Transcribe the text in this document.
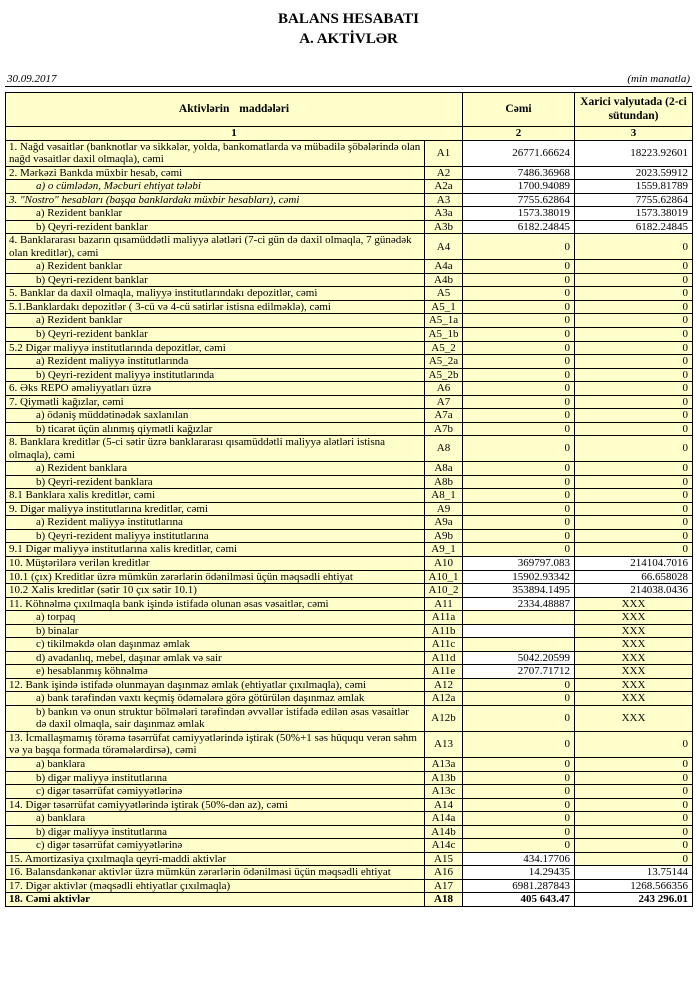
BALANS HESABATI
A. AKTİVLƏR
30.09.2017	(min manatla)
Aktivlərin maddələri		Cəmi	Xarici valyutada (2-ci sütundan)
1		2	3
1. Nağd vəsaitlər (banknotlar və sikkələr, yolda, bankomatlarda və mübadilə şöbələrində olan nağd vəsaitlər daxil olmaqla), cəmi	A1	26771.66624	18223.92601
2. Mərkəzi Bankda müxbir hesab, cəmi	A2	7486.36968	2023.59912
a) o cümlədən, Məcburi ehtiyat tələbi	A2a	1700.94089	1559.81789
3. "Nostro" hesabları (başqa banklardakı müxbir hesabları), cəmi	A3	7755.62864	7755.62864
a) Rezident banklar	A3a	1573.38019	1573.38019
b) Qeyri-rezident banklar	A3b	6182.24845	6182.24845
4. Banklararası bazarın qısamüddətli maliyyə alətləri (7-ci gün də daxil olmaqla, 7 günədək olan kreditlər), cəmi	A4	0	0
a) Rezident banklar	A4a	0	0
b) Qeyri-rezident banklar	A4b	0	0
5. Banklar da daxil olmaqla, maliyyə institutlarındakı depozitlər, cəmi	A5	0	0
5.1.Banklardakı depozitlər ( 3-cü və 4-cü sətirlər istisna edilməklə), cəmi	A5_1	0	0
a) Rezident banklar	A5_1a	0	0
b) Qeyri-rezident banklar	A5_1b	0	0
5.2 Digər maliyyə institutlarında depozitlər, cəmi	A5_2	0	0
a) Rezident maliyyə institutlarında	A5_2a	0	0
b) Qeyri-rezident maliyyə institutlarında	A5_2b	0	0
6. Əks REPO əməliyyatları üzrə	A6	0	0
7. Qiymətli kağızlar, cəmi	A7	0	0
a) ödəniş müddətinədək saxlanılan	A7a	0	0
b) ticarət üçün alınmış qiymətli kağızlar	A7b	0	0
8. Banklara kreditlər (5-ci sətir üzrə banklararası qısamüddətli maliyyə alətləri istisna olmaqla), cəmi	A8	0	0
a) Rezident banklara	A8a	0	0
b) Qeyri-rezident banklara	A8b	0	0
8.1 Banklara xalis kreditlər, cəmi	A8_1	0	0
9. Digər maliyyə institutlarına kreditlər, cəmi	A9	0	0
a) Rezident maliyyə institutlarına	A9a	0	0
b) Qeyri-rezident maliyyə institutlarına	A9b	0	0
9.1 Digər maliyyə institutlarına xalis kreditlər, cəmi	A9_1	0	0
10. Müştərilərə verilən kreditlər	A10	369797.083	214104.7016
10.1 (çıx) Kreditlər üzrə mümkün zərərlərin ödənilməsi üçün məqsədli ehtiyat	A10_1	15902.93342	66.658028
10.2 Xalis kreditlər (sətir 10 çıx sətir 10.1)	A10_2	353894.1495	214038.0436
11. Köhnəlmə çıxılmaqla bank işində istifadə olunan əsas vəsaitlər, cəmi	A11	2334.48887	XXX
a) torpaq	A11a		XXX
b) binalar	A11b		XXX
c) tikilməkdə olan daşınmaz əmlak	A11c		XXX
d) avadanlıq, mebel, daşınar əmlak və sair	A11d	5042.20599	XXX
e) hesablanmış köhnəlmə	A11e	2707.71712	XXX
12. Bank işində istifadə olunmayan daşınmaz əmlak (ehtiyatlar çıxılmaqla), cəmi	A12	0	XXX
a) bank tərəfindən vaxtı keçmiş ödəmələrə görə götürülən daşınmaz əmlak	A12a	0	XXX
b) bankın və onun struktur bölmələri tərəfindən əvvəllər istifadə edilən əsas vəsaitlər də daxil olmaqla, sair daşınmaz əmlak	A12b	0	XXX
13. İcmallaşmamış törəmə təsərrüfat cəmiyyətlərində iştirak (50%+1 səs hüququ verən səhm və ya başqa formada törəmələrdirsə), cəmi	A13	0	0
a) banklara	A13a	0	0
b) digər maliyyə institutlarına	A13b	0	0
c) digər təsərrüfat cəmiyyətlərinə	A13c	0	0
14. Digər təsərrüfat cəmiyyətlərində iştirak (50%-dən az), cəmi	A14	0	0
a) banklara	A14a	0	0
b) digər maliyyə institutlarına	A14b	0	0
c) digər təsərrüfat cəmiyyətlərinə	A14c	0	0
15. Amortizasiya çıxılmaqla qeyri-maddi aktivlər	A15	434.17706	0
16. Balansdankənar aktivlər üzrə mümkün zərərlərin ödənilməsi üçün məqsədli ehtiyat	A16	14.29435	13.75144
17. Digər aktivlər (məqsədli ehtiyatlar çıxılmaqla)	A17	6981.287843	1268.566356
18. Cəmi aktivlər	A18	405 643.47	243 296.01
